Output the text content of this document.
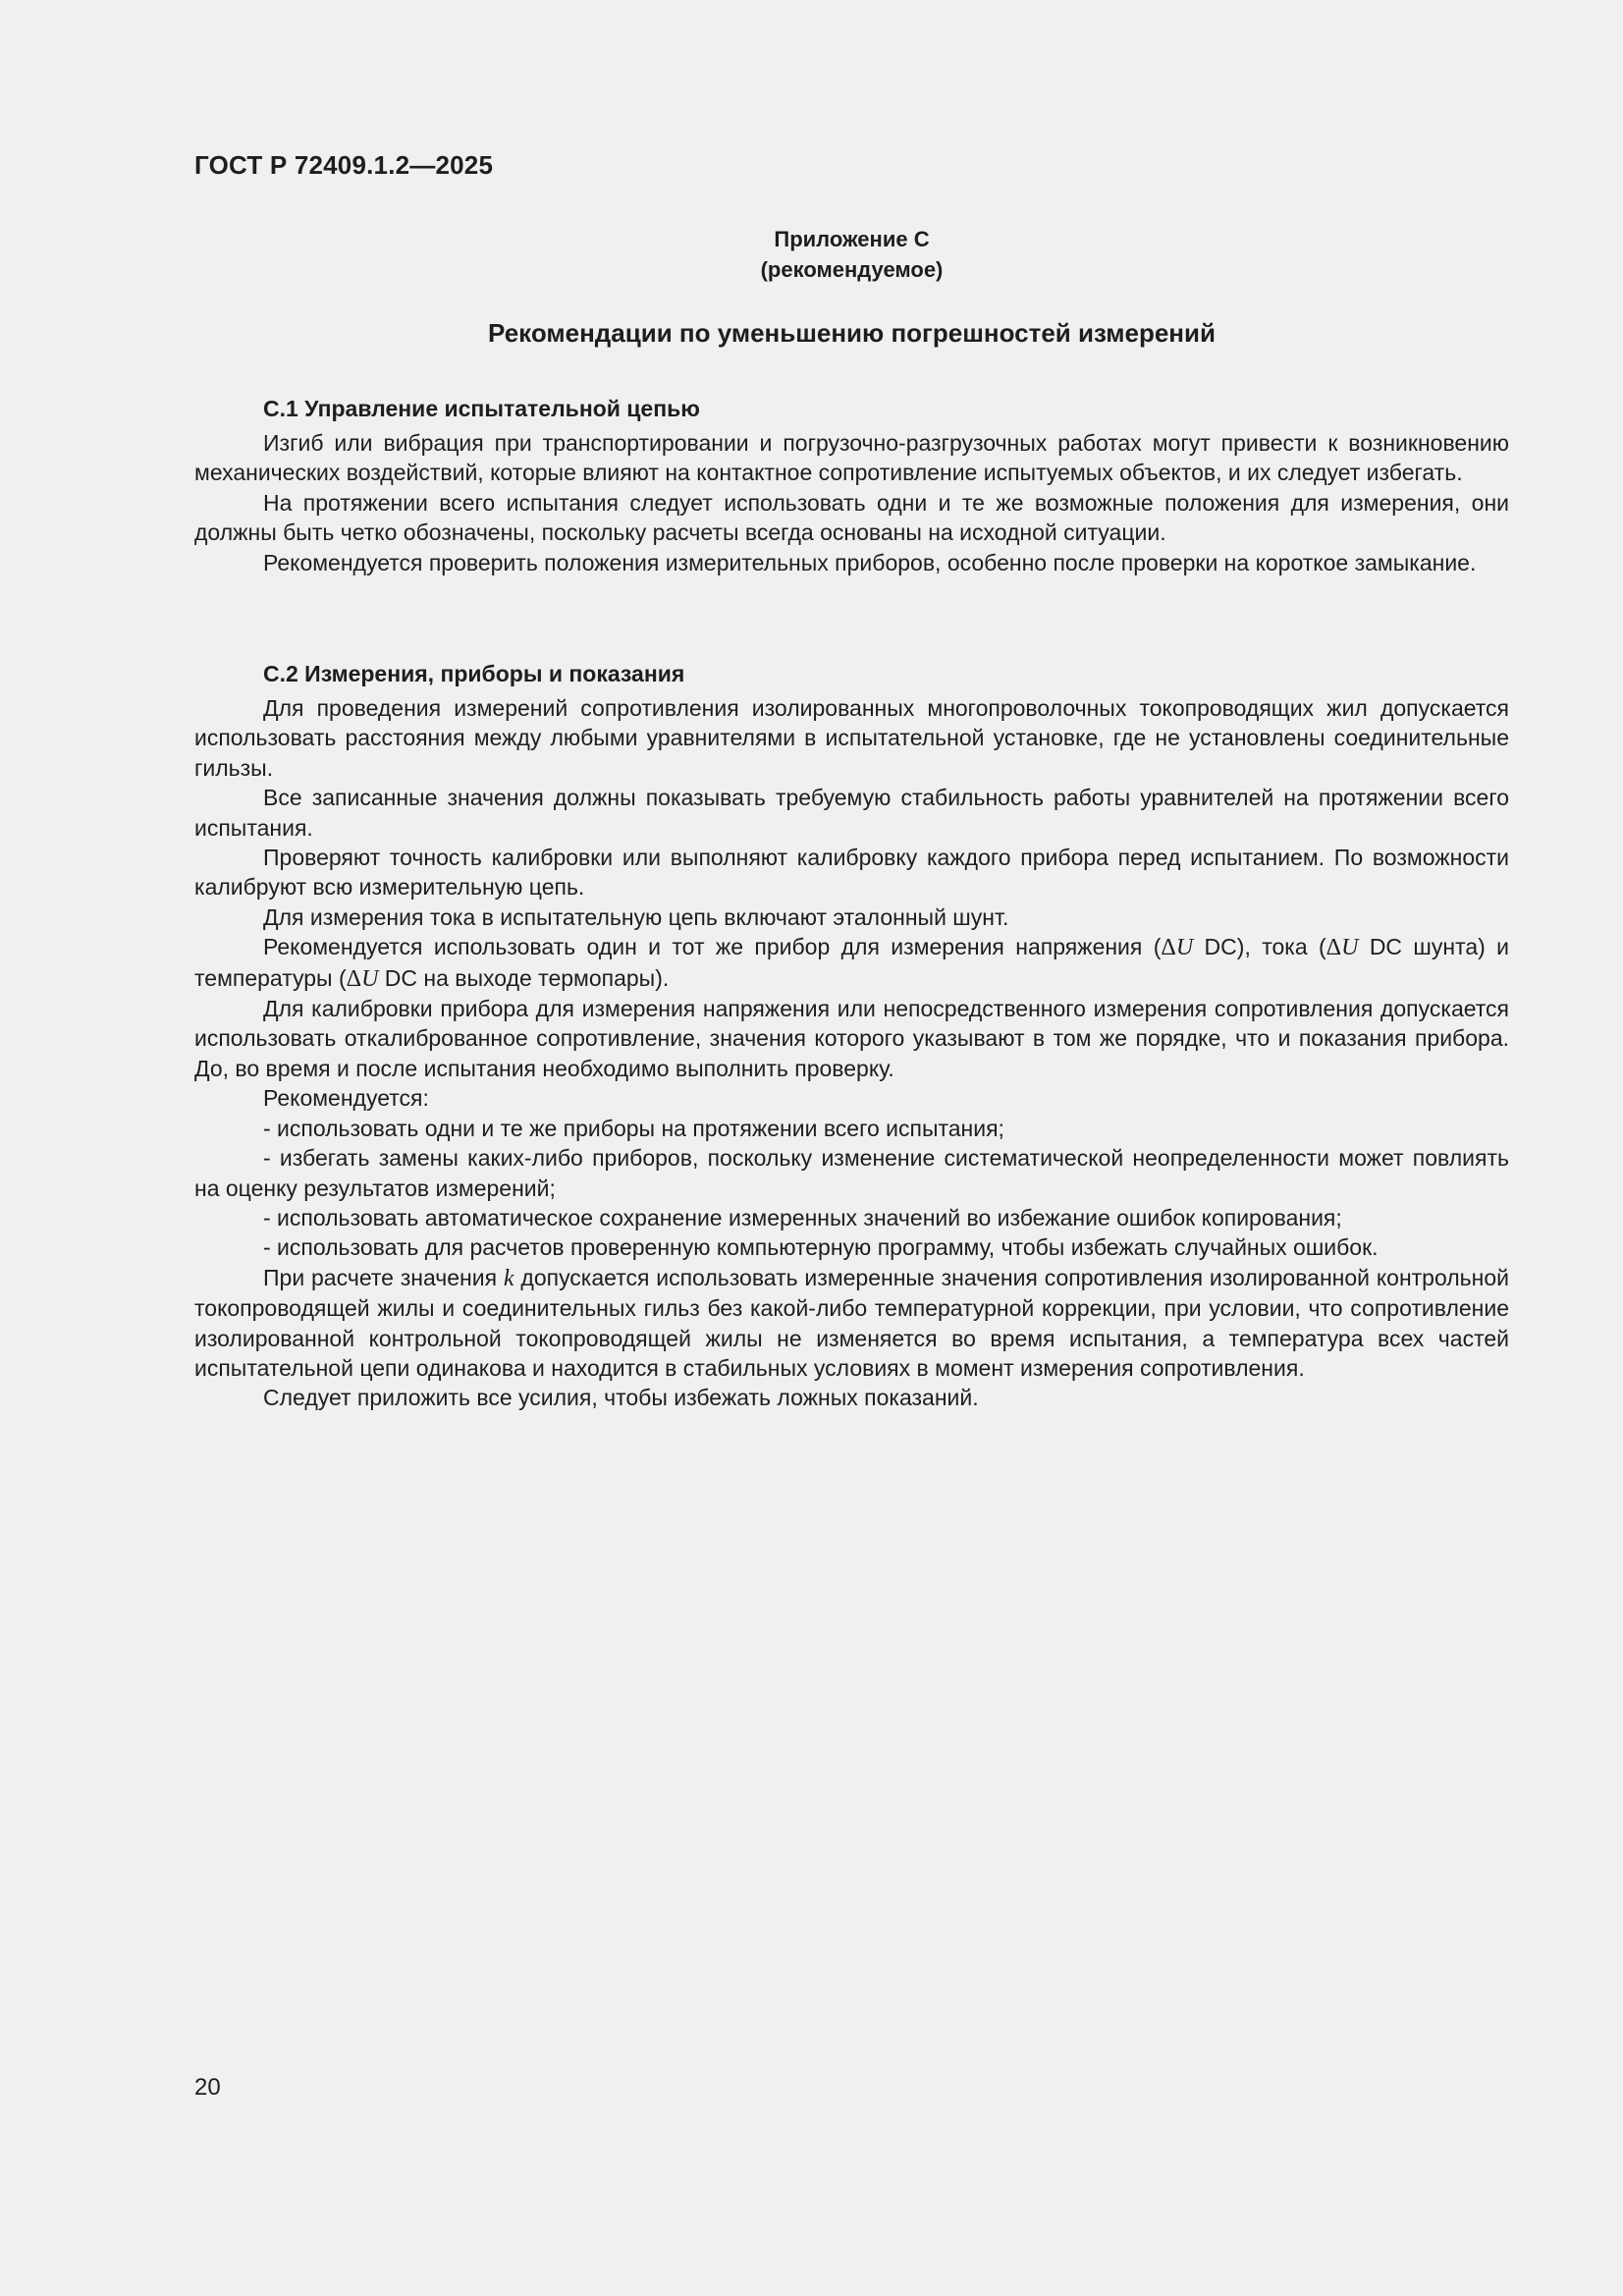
ГОСТ Р 72409.1.2—2025
Приложение С
(рекомендуемое)
Рекомендации по уменьшению погрешностей измерений
С.1 Управление испытательной цепью

Изгиб или вибрация при транспортировании и погрузочно-разгрузочных работах могут привести к возникновению механических воздействий, которые влияют на контактное сопротивление испытуемых объектов, и их следует избегать.

На протяжении всего испытания следует использовать одни и те же возможные положения для измерения, они должны быть четко обозначены, поскольку расчеты всегда основаны на исходной ситуации.

Рекомендуется проверить положения измерительных приборов, особенно после проверки на короткое замыкание.

С.2 Измерения, приборы и показания

Для проведения измерений сопротивления изолированных многопроволочных токопроводящих жил допускается использовать расстояния между любыми уравнителями в испытательной установке, где не установлены соединительные гильзы.

Все записанные значения должны показывать требуемую стабильность работы уравнителей на протяжении всего испытания.

Проверяют точность калибровки или выполняют калибровку каждого прибора перед испытанием. По возможности калибруют всю измерительную цепь.

Для измерения тока в испытательную цепь включают эталонный шунт.

Рекомендуется использовать один и тот же прибор для измерения напряжения (ΔU DC), тока (ΔU DC шунта) и температуры (ΔU DC на выходе термопары).

Для калибровки прибора для измерения напряжения или непосредственного измерения сопротивления допускается использовать откалиброванное сопротивление, значения которого указывают в том же порядке, что и показания прибора. До, во время и после испытания необходимо выполнить проверку.

Рекомендуется:

- использовать одни и те же приборы на протяжении всего испытания;

- избегать замены каких-либо приборов, поскольку изменение систематической неопределенности может повлиять на оценку результатов измерений;

- использовать автоматическое сохранение измеренных значений во избежание ошибок копирования;

- использовать для расчетов проверенную компьютерную программу, чтобы избежать случайных ошибок.

При расчете значения k допускается использовать измеренные значения сопротивления изолированной контрольной токопроводящей жилы и соединительных гильз без какой-либо температурной коррекции, при условии, что сопротивление изолированной контрольной токопроводящей жилы не изменяется во время испытания, а температура всех частей испытательной цепи одинакова и находится в стабильных условиях в момент измерения сопротивления.

Следует приложить все усилия, чтобы избежать ложных показаний.

20
